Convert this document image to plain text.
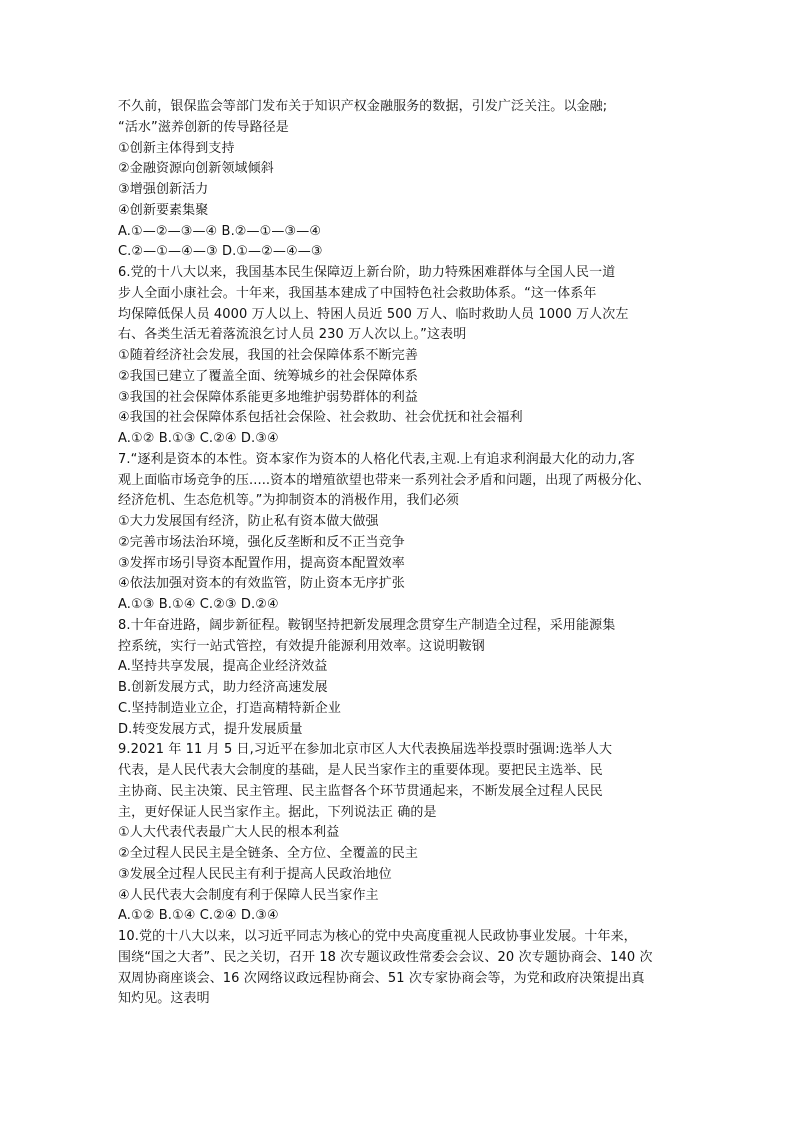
不久前，银保监会等部门发布关于知识产权金融服务的数据，引发广泛关注。以金融;
“活水”滋养创新的传导路径是
①创新主体得到支持
②金融资源向创新领域倾斜
③增强创新活力
④创新要素集聚
A.①—②—③—④ B.②—①—③—④
C.②—①—④—③ D.①—②—④—③
6.党的十八大以来，我国基本民生保障迈上新台阶，助力特殊困难群体与全国人民一道
步人全面小康社会。十年来，我国基本建成了中国特色社会救助体系。“这一体系年
均保障低保人员 4000 万人以上、特困人员近 500 万人、临时救助人员 1000 万人次左
右、各类生活无着落流浪乞讨人员 230 万人次以上。”这表明
①随着经济社会发展，我国的社会保障体系不断完善
②我国已建立了覆盖全面、统筹城乡的社会保障体系
③我国的社会保障体系能更多地维护弱势群体的利益
④我国的社会保障体系包括社会保险、社会救助、社会优抚和社会福利
A.①② B.①③ C.②④ D.③④
7.“逐利是资本的本性。资本家作为资本的人格化代表,主观.上有追求利润最大化的动力,客
观上面临市场竞争的压.....资本的增殖欲望也带来一系列社会矛盾和问题，出现了两极分化、
经济危机、生态危机等。”为抑制资本的消极作用，我们必须
①大力发展国有经济，防止私有资本做大做强
②完善市场法治环境，强化反垄断和反不正当竞争
③发挥市场引导资本配置作用，提高资本配置效率
④依法加强对资本的有效监管，防止资本无序扩张
A.①③ B.①④ C.②③ D.②④
8.十年奋进路，阔步新征程。鞍钢坚持把新发展理念贯穿生产制造全过程，采用能源集
控系统，实行一站式管控，有效提升能源利用效率。这说明鞍钢
A.坚持共享发展，提高企业经济效益
B.创新发展方式，助力经济高速发展
C.坚持制造业立企，打造高精特新企业
D.转变发展方式，提升发展质量
9.2021 年 11 月 5 日,习近平在参加北京市区人大代表换届选举投票时强调:选举人大
代表，是人民代表大会制度的基础，是人民当家作主的重要体现。要把民主选举、民
主协商、民主决策、民主管理、民主监督各个环节贯通起来，不断发展全过程人民民
主，更好保证人民当家作主。据此，下列说法正 确的是
①人大代表代表最广大人民的根本利益
②全过程人民民主是全链条、全方位、全覆盖的民主
③发展全过程人民民主有利于提高人民政治地位
④人民代表大会制度有利于保障人民当家作主
A.①② B.①④ C.②④ D.③④
10.党的十八大以来，以习近平同志为核心的党中央高度重视人民政协事业发展。十年来，
围绕“国之大者”、民之关切，召开 18 次专题议政性常委会会议、20 次专题协商会、140 次
双周协商座谈会、16 次网络议政远程协商会、51 次专家协商会等，为党和政府决策提出真
知灼见。这表明
